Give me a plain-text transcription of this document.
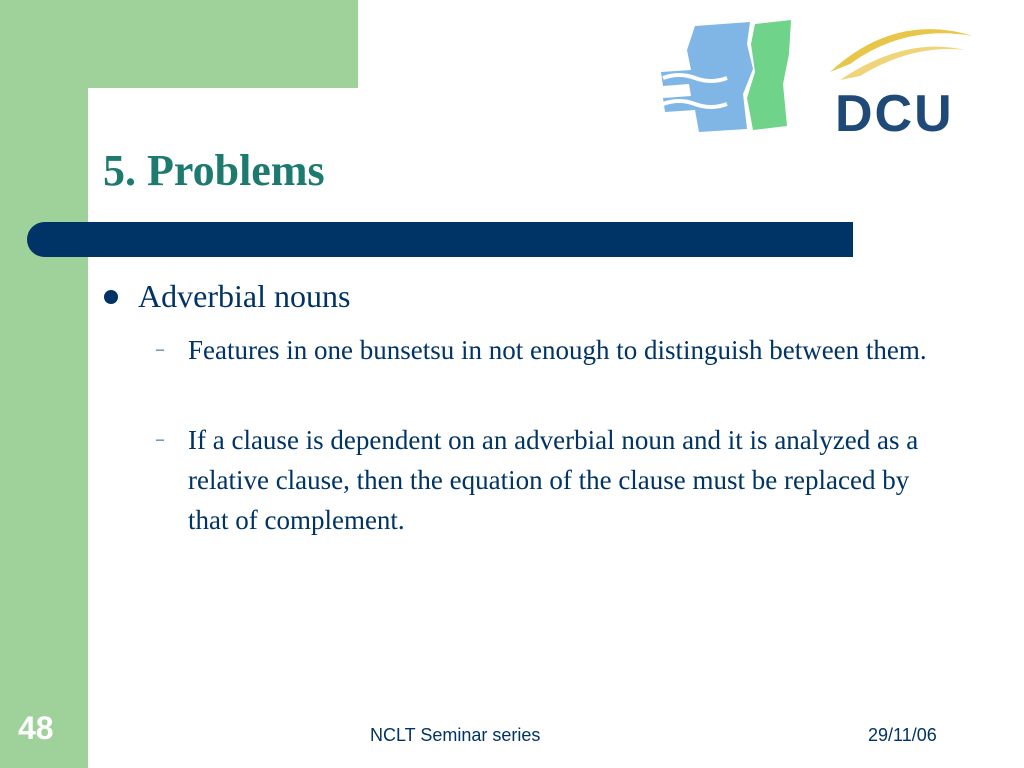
DCU
5. Problems
Adverbial nouns
– Features in one bunsetsu in not enough to distinguish between them.
– If a clause is dependent on an adverbial noun and it is analyzed as a relative clause, then the equation of the clause must be replaced by that of complement.
48	NCLT Seminar series	29/11/06
